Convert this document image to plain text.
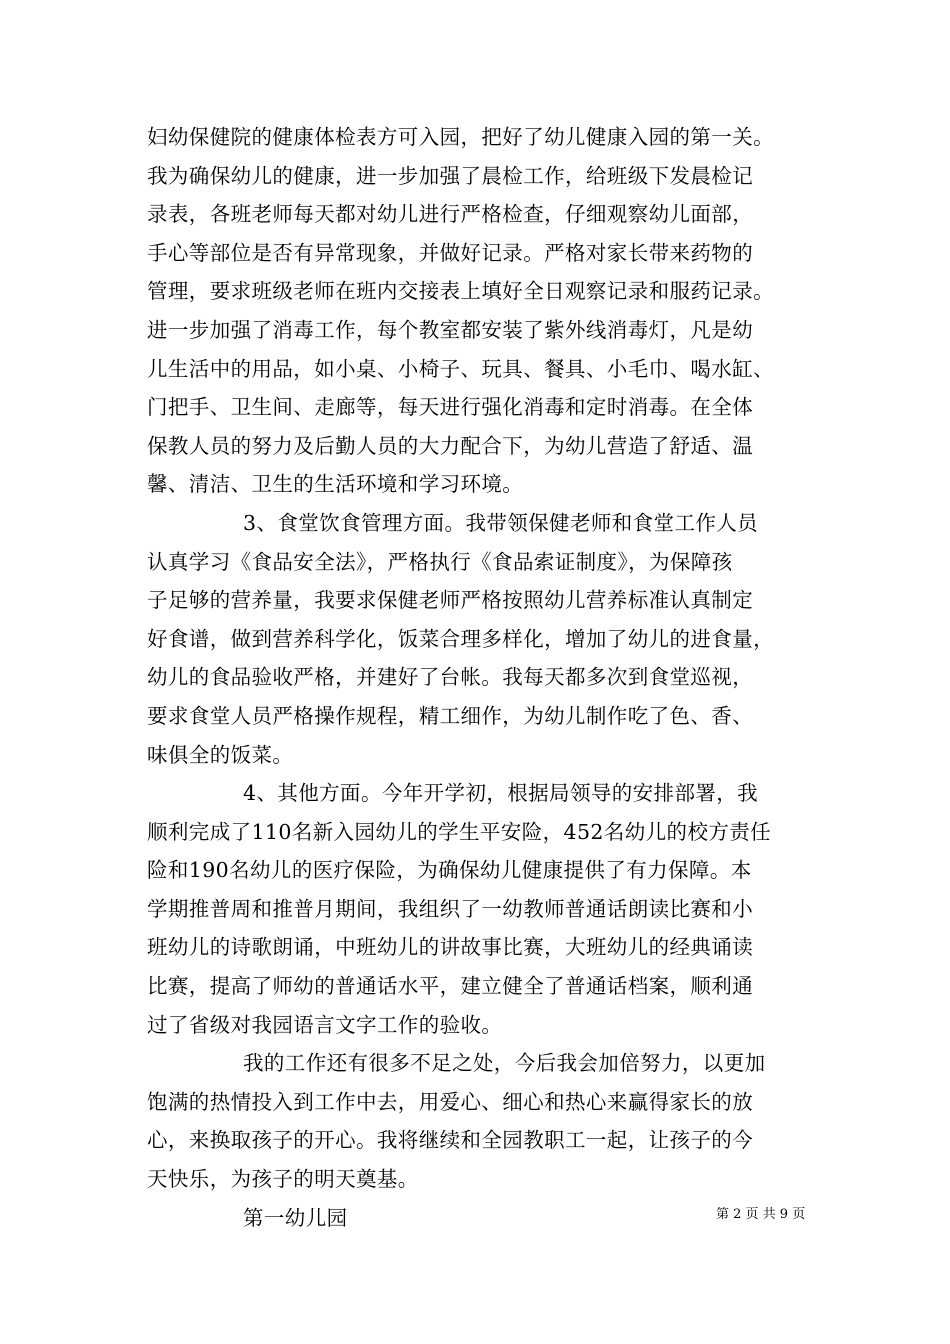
妇幼保健院的健康体检表方可入园，把好了幼儿健康入园的第一关。
我为确保幼儿的健康，进一步加强了晨检工作，给班级下发晨检记
录表，各班老师每天都对幼儿进行严格检查，仔细观察幼儿面部，
手心等部位是否有异常现象，并做好记录。严格对家长带来药物的
管理，要求班级老师在班内交接表上填好全日观察记录和服药记录。
进一步加强了消毒工作，每个教室都安装了紫外线消毒灯，凡是幼
儿生活中的用品，如小桌、小椅子、玩具、餐具、小毛巾、喝水缸、
门把手、卫生间、走廊等，每天进行强化消毒和定时消毒。在全体
保教人员的努力及后勤人员的大力配合下，为幼儿营造了舒适、温
馨、清洁、卫生的生活环境和学习环境。
3、食堂饮食管理方面。我带领保健老师和食堂工作人员
认真学习《食品安全法》，严格执行《食品索证制度》，为保障孩
子足够的营养量，我要求保健老师严格按照幼儿营养标准认真制定
好食谱，做到营养科学化，饭菜合理多样化，增加了幼儿的进食量，
幼儿的食品验收严格，并建好了台帐。我每天都多次到食堂巡视，
要求食堂人员严格操作规程，精工细作，为幼儿制作吃了色、香、
味俱全的饭菜。
4、其他方面。今年开学初，根据局领导的安排部署，我
顺利完成了110名新入园幼儿的学生平安险，452名幼儿的校方责任
险和190名幼儿的医疗保险，为确保幼儿健康提供了有力保障。本
学期推普周和推普月期间，我组织了一幼教师普通话朗读比赛和小
班幼儿的诗歌朗诵，中班幼儿的讲故事比赛，大班幼儿的经典诵读
比赛，提高了师幼的普通话水平，建立健全了普通话档案，顺利通
过了省级对我园语言文字工作的验收。
我的工作还有很多不足之处，今后我会加倍努力，以更加
饱满的热情投入到工作中去，用爱心、细心和热心来赢得家长的放
心，来换取孩子的开心。我将继续和全园教职工一起，让孩子的今
天快乐，为孩子的明天奠基。
第一幼儿园	第 2 页 共 9 页
